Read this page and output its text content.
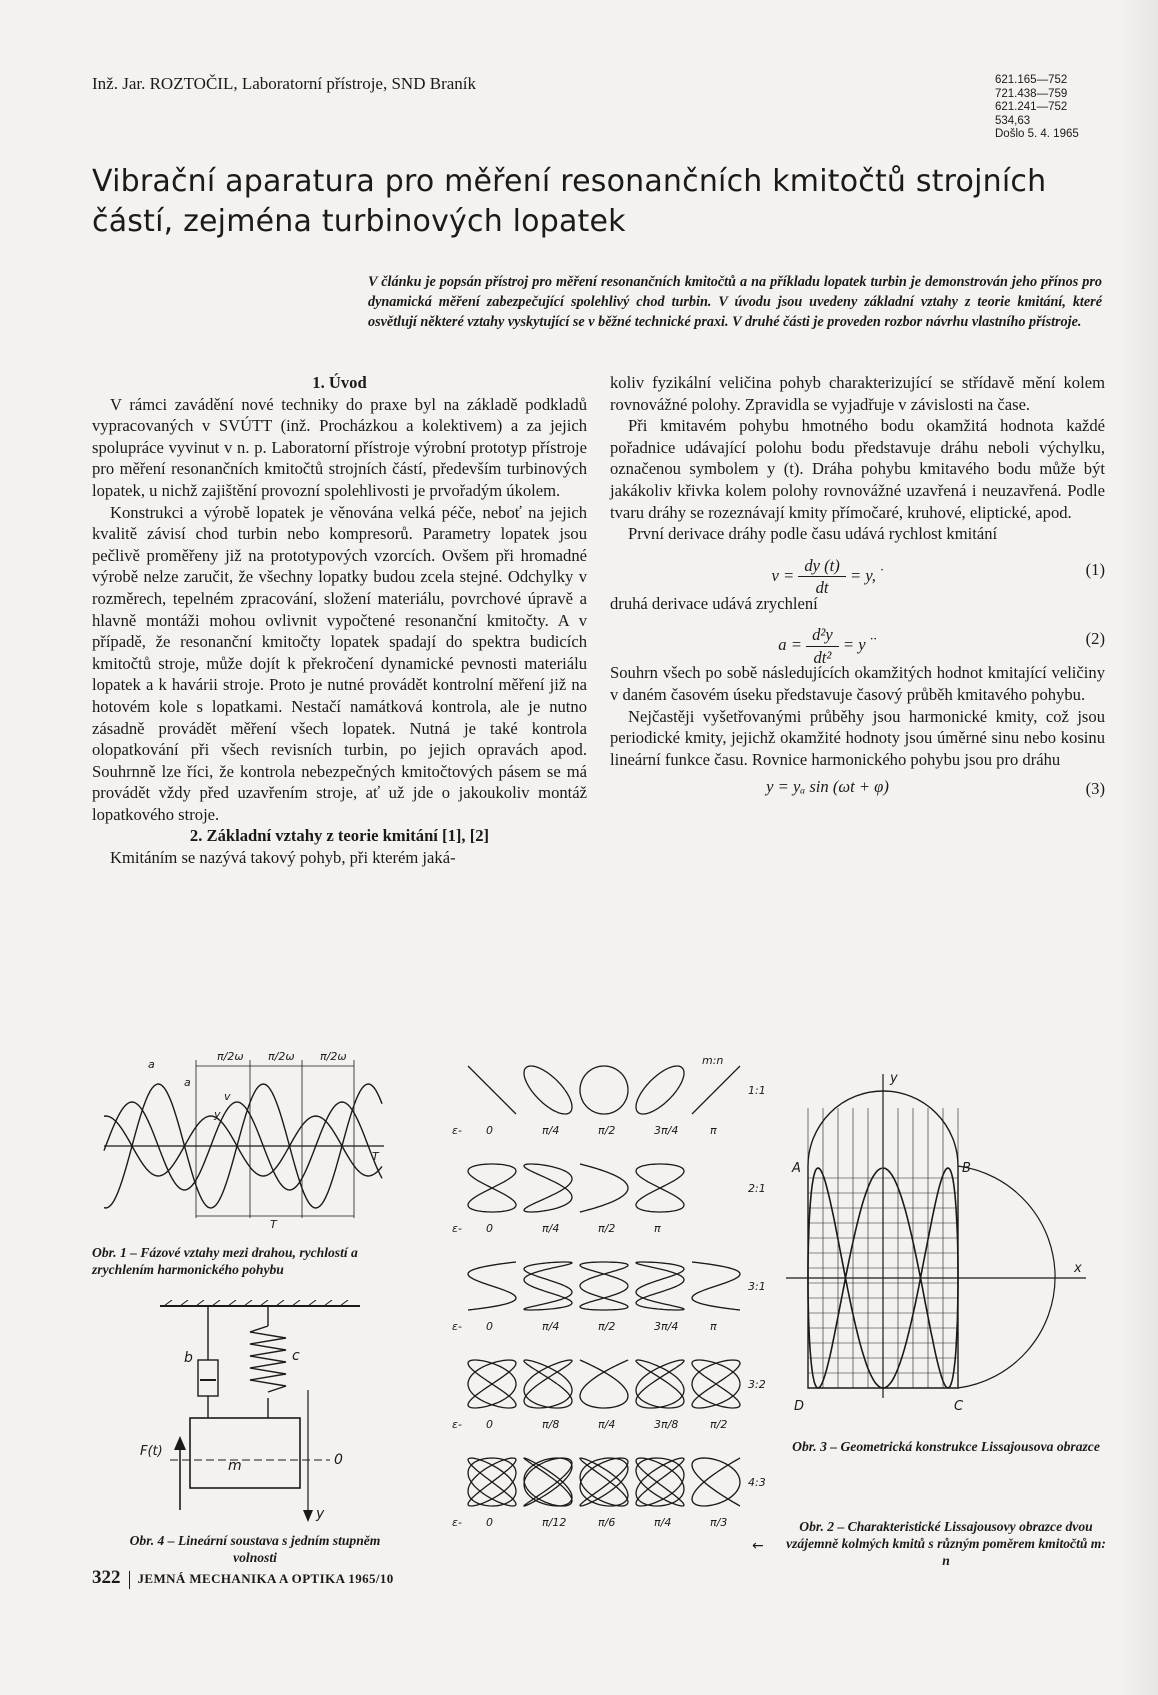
Inž. Jar. ROZTOČIL, Laboratorní přístroje, SND Braník	621.165—752
721.438—759
621.241—752
534,63
Došlo 5. 4. 1965
Vibrační aparatura pro měření resonančních kmitočtů strojních částí, zejména turbinových lopatek
V článku je popsán přístroj pro měření resonančních kmitočtů a na příkladu lopatek turbin je demonstrován jeho přínos pro dynamická měření zabezpečující spolehlivý chod turbin. V úvodu jsou uvedeny základní vztahy z teorie kmitání, které osvětlují některé vztahy vyskytující se v běžné technické praxi. V druhé části je proveden rozbor návrhu vlastního přístroje.

1. Úvod

V rámci zavádění nové techniky do praxe byl na základě podkladů vypracovaných v SVÚTT (inž. Procházkou a kolektivem) a za jejich spolupráce vyvinut v n. p. Laboratorní přístroje výrobní prototyp přístroje pro měření resonančních kmitočtů strojních částí, především turbinových lopatek, u nichž zajištění provozní spolehlivosti je prvořadým úkolem.

Konstrukci a výrobě lopatek je věnována velká péče, neboť na jejich kvalitě závisí chod turbin nebo kompresorů. Parametry lopatek jsou pečlivě proměřeny již na prototypových vzorcích. Ovšem při hromadné výrobě nelze zaručit, že všechny lopatky budou zcela stejné. Odchylky v rozměrech, tepelném zpracování, složení materiálu, povrchové úpravě a hlavně montáži mohou ovlivnit vypočtené resonanční kmitočty. A v případě, že resonanční kmitočty lopatek spadají do spektra budicích kmitočtů stroje, může dojít k překročení dynamické pevnosti materiálu lopatek a k havárii stroje. Proto je nutné provádět kontrolní měření již na hotovém kole s lopatkami. Nestačí namátková kontrola, ale je nutno zásadně provádět měření všech lopatek. Nutná je také kontrola olopatkování při všech revisních turbin, po jejich opravách apod. Souhrnně lze říci, že kontrola nebezpečných kmitočtových pásem se má provádět vždy před uzavřením stroje, ať už jde o jakoukoliv montáž lopatkového stroje.

2. Základní vztahy z teorie kmitání [1], [2]

Kmitáním se nazývá takový pohyb, při kterém jaká-

koliv fyzikální veličina pohyb charakterizující se střídavě mění kolem rovnovážné polohy. Zpravidla se vyjadřuje v závislosti na čase.

Při kmitavém pohybu hmotného bodu okamžitá hodnota každé pořadnice udávající polohu bodu představuje dráhu neboli výchylku, označenou symbolem y (t). Dráha pohybu kmitavého bodu může být jakákoliv křivka kolem polohy rovnovážné uzavřená i neuzavřená. Podle tvaru dráhy se rozeznávají kmity přímočaré, kruhové, eliptické, apod.

První derivace dráhy podle času udává rychlost kmitání

$v = \frac{dy (t)}{dt} = y$, ·	(1)

druhá derivace udává zrychlení

$a = \frac{\text{d²y}}{\text{dt²}} = y$ ··	(2)

Souhrn všech po sobě následujících okamžitých hodnot kmitající veličiny v daném časovém úseku představuje časový průběh kmitavého pohybu.

Nejčastěji vyšetřovanými průběhy jsou harmonické kmity, což jsou periodické kmity, jejichž okamžité hodnoty jsou úměrné sinu nebo kosinu lineární funkce času. Rovnice harmonického pohybu jsou pro dráhu

y = yₐ sin (ωt + φ)	(3)
π/2ω π/2ω π/2ω
a
a
v
y
T
T
Obr. 1 – Fázové vztahy mezi drahou, rychlostí a zrychlením harmonického pohybu
b	c
m
F(t)
0
y
Obr. 4 – Lineární soustava s jedním stupněm volnosti
m:n
0	π/4	π/2	3π/4	π
ε-
1:1
0	π/4	π/2	π
ε-
2:1
0	π/4	π/2	3π/4	π
ε-
3:1
0	π/8	π/4	3π/8	π/2
ε-
3:2
0	π/12	π/6	π/4	π/3
ε-
4:3
←
Obr. 2 – Charakteristické Lissajousovy obrazce dvou vzájemně kolmých kmitů s různým poměrem kmitočtů m: n
y
x
A	B
C
D
Obr. 3 – Geometrická konstrukce Lissajousova obrazce
322 JEMNÁ MECHANIKA A OPTIKA 1965/10
